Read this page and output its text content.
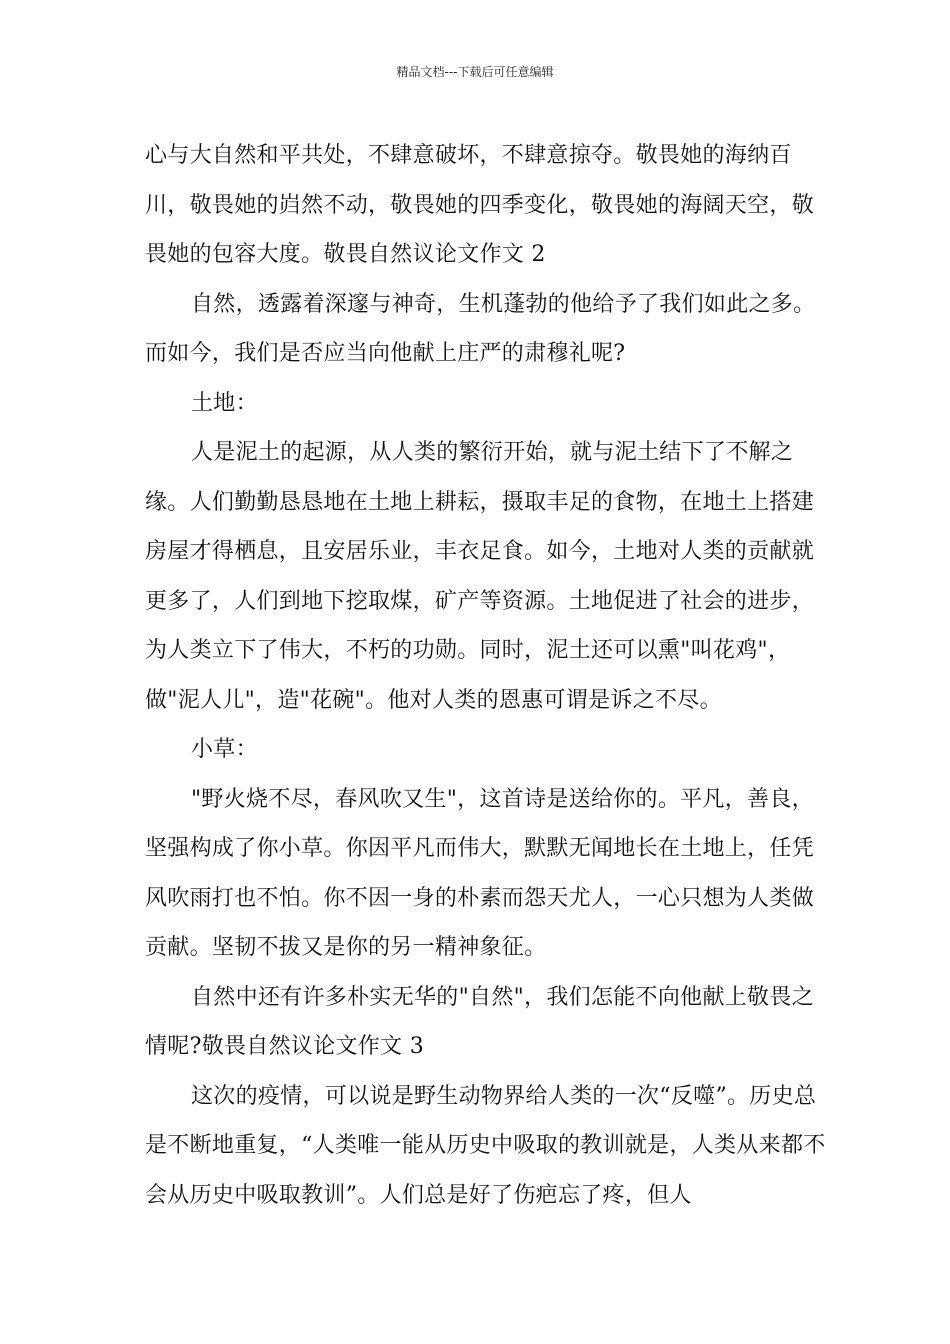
精品文档---下载后可任意编辑

心与大自然和平共处，不肆意破坏，不肆意掠夺。敬畏她的海纳百川，敬畏她的岿然不动，敬畏她的四季变化，敬畏她的海阔天空，敬畏她的包容大度。敬畏自然议论文作文 2

自然，透露着深邃与神奇，生机蓬勃的他给予了我们如此之多。而如今，我们是否应当向他献上庄严的肃穆礼呢?

土地：

人是泥土的起源，从人类的繁衍开始，就与泥土结下了不解之缘。人们勤勤恳恳地在土地上耕耘，摄取丰足的食物，在地土上搭建房屋才得栖息，且安居乐业，丰衣足食。如今，土地对人类的贡献就更多了，人们到地下挖取煤，矿产等资源。土地促进了社会的进步，为人类立下了伟大，不朽的功勋。同时，泥土还可以熏"叫花鸡"，做"泥人儿"，造"花碗"。他对人类的恩惠可谓是诉之不尽。

小草：

"野火烧不尽，春风吹又生"，这首诗是送给你的。平凡，善良，坚强构成了你小草。你因平凡而伟大，默默无闻地长在土地上，任凭风吹雨打也不怕。你不因一身的朴素而怨天尤人，一心只想为人类做贡献。坚韧不拔又是你的另一精神象征。

自然中还有许多朴实无华的"自然"，我们怎能不向他献上敬畏之情呢?敬畏自然议论文作文 3

这次的疫情，可以说是野生动物界给人类的一次“反噬”。历史总是不断地重复，“人类唯一能从历史中吸取的教训就是，人类从来都不会从历史中吸取教训”。人们总是好了伤疤忘了疼，但人
